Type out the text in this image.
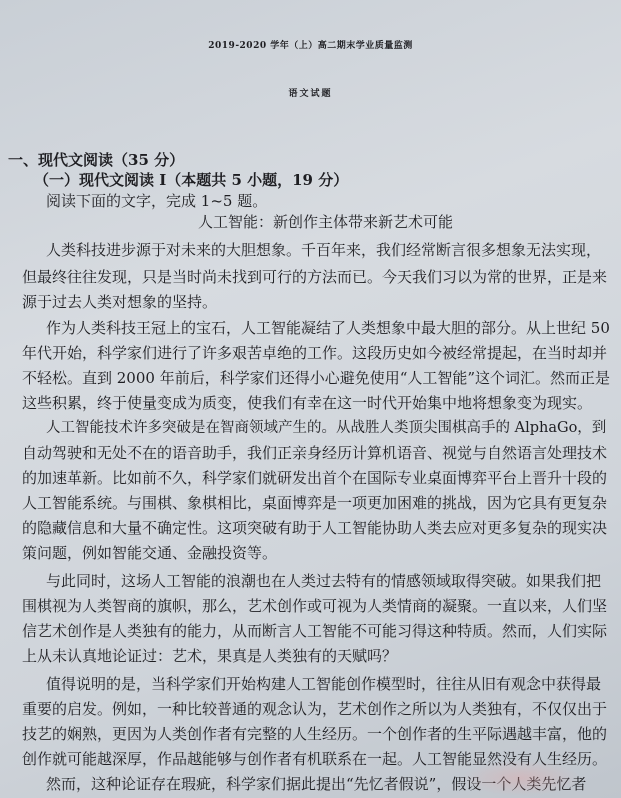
2019-2020 学年（上）高二期末学业质量监测
语文试题
一、现代文阅读（35 分）
（一）现代文阅读 I（本题共 5 小题，19 分）
阅读下面的文字，完成 1~5 题。
人工智能：新创作主体带来新艺术可能
人类科技进步源于对未来的大胆想象。千百年来，我们经常断言很多想象无法实现，
但最终往往发现，只是当时尚未找到可行的方法而已。今天我们习以为常的世界，正是来
源于过去人类对想象的坚持。
作为人类科技王冠上的宝石，人工智能凝结了人类想象中最大胆的部分。从上世纪 50
年代开始，科学家们进行了许多艰苦卓绝的工作。这段历史如今被经常提起，在当时却并
不轻松。直到 2000 年前后，科学家们还得小心避免使用“人工智能”这个词汇。然而正是
这些积累，终于使量变成为质变，使我们有幸在这一时代开始集中地将想象变为现实。
人工智能技术许多突破是在智商领域产生的。从战胜人类顶尖围棋高手的 AlphaGo，到
自动驾驶和无处不在的语音助手，我们正亲身经历计算机语音、视觉与自然语言处理技术
的加速革新。比如前不久，科学家们就研发出首个在国际专业桌面博弈平台上晋升十段的
人工智能系统。与围棋、象棋相比，桌面博弈是一项更加困难的挑战，因为它具有更复杂
的隐藏信息和大量不确定性。这项突破有助于人工智能协助人类去应对更多复杂的现实决
策问题，例如智能交通、金融投资等。
与此同时，这场人工智能的浪潮也在人类过去特有的情感领域取得突破。如果我们把
围棋视为人类智商的旗帜，那么，艺术创作或可视为人类情商的凝聚。一直以来，人们坚
信艺术创作是人类独有的能力，从而断言人工智能不可能习得这种特质。然而，人们实际
上从未认真地论证过：艺术，果真是人类独有的天赋吗？
值得说明的是，当科学家们开始构建人工智能创作模型时，往往从旧有观念中获得最
重要的启发。例如，一种比较普通的观念认为，艺术创作之所以为人类独有，不仅仅出于
技艺的娴熟，更因为人类创作者有完整的人生经历。一个创作者的生平际遇越丰富，他的
创作就可能越深厚，作品越能够与创作者有机联系在一起。人工智能显然没有人生经历。
然而，这种论证存在瑕疵，科学家们据此提出“先忆者假说”，假设一个人类先忆者
